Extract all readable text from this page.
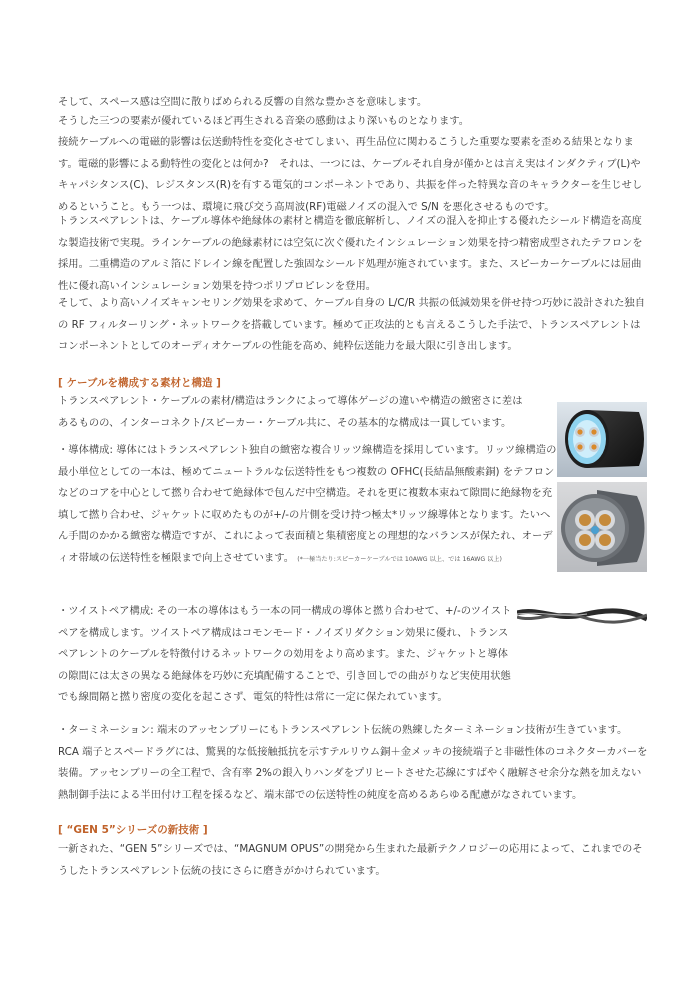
そして、スペース感は空間に散りばめられる反響の自然な豊かさを意味します。
そうした三つの要素が優れているほど再生される音楽の感動はより深いものとなります。
接続ケーブルへの電磁的影響は伝送動特性を変化させてしまい、再生品位に関わるこうした重要な要素を歪める結果となります。電磁的影響による動特性の変化とは何か?　それは、一つには、ケーブルそれ自身が僅かとは言え実はインダクティブ(L)やキャパシタンス(C)、レジスタンス(R)を有する電気的コンポーネントであり、共振を伴った特異な音のキャラクターを生じせしめるということ。もう一つは、環境に飛び交う高周波(RF)電磁ノイズの混入で S/N を悪化させるものです。
トランスペアレントは、ケーブル導体や絶縁体の素材と構造を徹底解析し、ノイズの混入を抑止する優れたシールド構造を高度な製造技術で実現。ラインケーブルの絶縁素材には空気に次ぐ優れたインシュレーション効果を持つ精密成型されたテフロンを採用。二重構造のアルミ箔にドレイン線を配置した強固なシールド処理が施されています。また、スピーカーケーブルには屈曲性に優れ高いインシュレーション効果を持つポリプロピレンを登用。
そして、より高いノイズキャンセリング効果を求めて、ケーブル自身の L/C/R 共振の低減効果を併せ持つ巧妙に設計された独自の RF フィルターリング・ネットワークを搭載しています。極めて正攻法的とも言えるこうした手法で、トランスペアレントはコンポーネントとしてのオーディオケーブルの性能を高め、純粋伝送能力を最大限に引き出します。
[ ケーブルを構成する素材と構造 ]
トランスペアレント・ケーブルの素材/構造はランクによって導体ゲージの違いや構造の緻密さに差はあるものの、インターコネクト/スピーカー・ケーブル共に、その基本的な構成は一貫しています。
・導体構成: 導体にはトランスペアレント独自の緻密な複合リッツ線構造を採用しています。リッツ線構造の最小単位としての一本は、極めてニュートラルな伝送特性をもつ複数の OFHC(長結晶無酸素銅) をテフロンなどのコアを中心として撚り合わせて絶縁体で包んだ中空構造。それを更に複数本束ねて隙間に絶縁物を充填して撚り合わせ、ジャケットに収めたものが+/-の片側を受け持つ極太*リッツ線導体となります。たいへん手間のかかる緻密な構造ですが、これによって表面積と集積密度との理想的なバランスが保たれ、オーディオ帯域の伝送特性を極限まで向上させています。 (*一極当たり:スピーカーケーブルでは 10AWG 以上、では 16AWG 以上)
・ツイストペア構成: その一本の導体はもう一本の同一構成の導体と撚り合わせて、+/-のツイストペアを構成します。ツイストペア構成はコモンモード・ノイズリダクション効果に優れ、トランスペアレントのケーブルを特徴付けるネットワークの効用をより高めます。また、ジャケットと導体の隙間には太さの異なる絶縁体を巧妙に充填配備することで、引き回しでの曲がりなど実使用状態でも線間隔と撚り密度の変化を起こさず、電気的特性は常に一定に保たれています。
・ターミネーション: 端末のアッセンブリーにもトランスペアレント伝統の熟練したターミネーション技術が生きています。RCA 端子とスペードラグには、驚異的な低接触抵抗を示すテルリウム銅＋金メッキの接続端子と非磁性体のコネクターカバーを装備。アッセンブリーの全工程で、含有率 2%の銀入りハンダをプリヒートさせた芯線にすばやく融解させ余分な熱を加えない熱制御手法による半田付け工程を採るなど、端末部での伝送特性の純度を高めるあらゆる配慮がなされています。
[ “GEN 5”シリーズの新技術 ]
一新された、“GEN 5”シリーズでは、“MAGNUM OPUS”の開発から生まれた最新テクノロジーの応用によって、これまでのそうしたトランスペアレント伝統の技にさらに磨きがかけられています。
